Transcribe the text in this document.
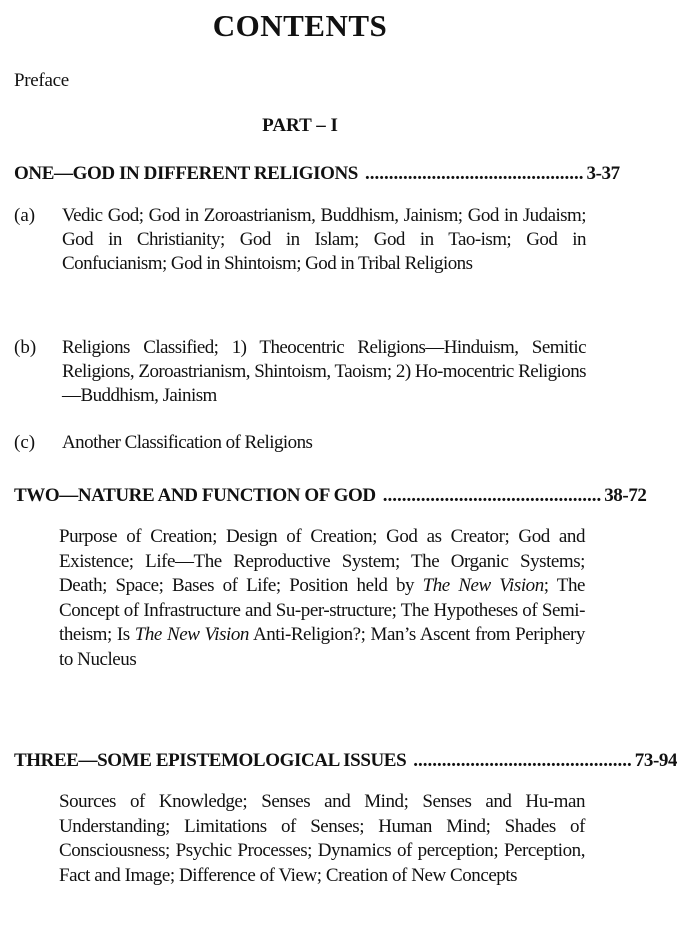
CONTENTS
Preface
PART – I
ONE—GOD IN DIFFERENT RELIGIONS .............................................. 3-37
(a)	Vedic God; God in Zoroastrianism, Buddhism, Jainism; God in Judaism; God in Christianity; God in Islam; God in Tao-ism; God in Confucianism; God in Shintoism; God in Tribal Religions
(b)	Religions Classified; 1) Theocentric Religions—Hinduism, Semitic Religions, Zoroastrianism, Shintoism, Taoism; 2) Ho-mocentric Religions—Buddhism, Jainism
(c)	Another Classification of Religions
TWO—NATURE AND FUNCTION OF GOD .............................................. 38-72
Purpose of Creation; Design of Creation; God as Creator; God and Existence; Life—The Reproductive System; The Organic Systems; Death; Space; Bases of Life; Position held by The New Vision; The Concept of Infrastructure and Su-per-structure; The Hypotheses of Semi-theism; Is The New Vision Anti-Religion?; Man’s Ascent from Periphery to Nucleus
THREE—SOME EPISTEMOLOGICAL ISSUES .............................................. 73-94
Sources of Knowledge; Senses and Mind; Senses and Hu-man Understanding; Limitations of Senses; Human Mind; Shades of Consciousness; Psychic Processes; Dynamics of perception; Perception, Fact and Image; Difference of View; Creation of New Concepts
